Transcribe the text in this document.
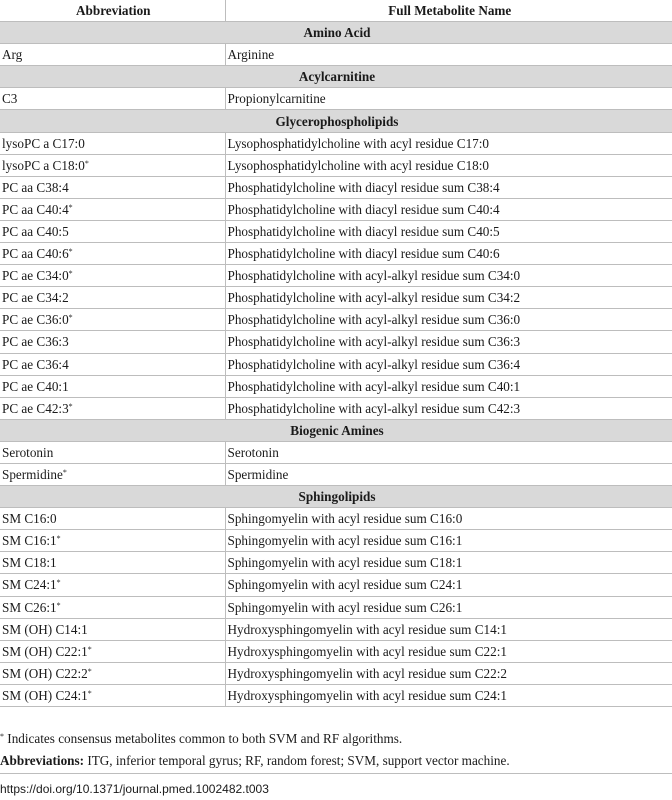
Abbreviation	Full Metabolite Name
Amino Acid	
Arg	Arginine
Acylcarnitine	
C3	Propionylcarnitine
Glycerophospholipids	
lysoPC a C17:0	Lysophosphatidylcholine with acyl residue C17:0
lysoPC a C18:0*	Lysophosphatidylcholine with acyl residue C18:0
PC aa C38:4	Phosphatidylcholine with diacyl residue sum C38:4
PC aa C40:4*	Phosphatidylcholine with diacyl residue sum C40:4
PC aa C40:5	Phosphatidylcholine with diacyl residue sum C40:5
PC aa C40:6*	Phosphatidylcholine with diacyl residue sum C40:6
PC ae C34:0*	Phosphatidylcholine with acyl-alkyl residue sum C34:0
PC ae C34:2	Phosphatidylcholine with acyl-alkyl residue sum C34:2
PC ae C36:0*	Phosphatidylcholine with acyl-alkyl residue sum C36:0
PC ae C36:3	Phosphatidylcholine with acyl-alkyl residue sum C36:3
PC ae C36:4	Phosphatidylcholine with acyl-alkyl residue sum C36:4
PC ae C40:1	Phosphatidylcholine with acyl-alkyl residue sum C40:1
PC ae C42:3*	Phosphatidylcholine with acyl-alkyl residue sum C42:3
Biogenic Amines	
Serotonin	Serotonin
Spermidine*	Spermidine
Sphingolipids	
SM C16:0	Sphingomyelin with acyl residue sum C16:0
SM C16:1*	Sphingomyelin with acyl residue sum C16:1
SM C18:1	Sphingomyelin with acyl residue sum C18:1
SM C24:1*	Sphingomyelin with acyl residue sum C24:1
SM C26:1*	Sphingomyelin with acyl residue sum C26:1
SM (OH) C14:1	Hydroxysphingomyelin with acyl residue sum C14:1
SM (OH) C22:1*	Hydroxysphingomyelin with acyl residue sum C22:1
SM (OH) C22:2*	Hydroxysphingomyelin with acyl residue sum C22:2
SM (OH) C24:1*	Hydroxysphingomyelin with acyl residue sum C24:1
* Indicates consensus metabolites common to both SVM and RF algorithms.
Abbreviations: ITG, inferior temporal gyrus; RF, random forest; SVM, support vector machine.
https://doi.org/10.1371/journal.pmed.1002482.t003
